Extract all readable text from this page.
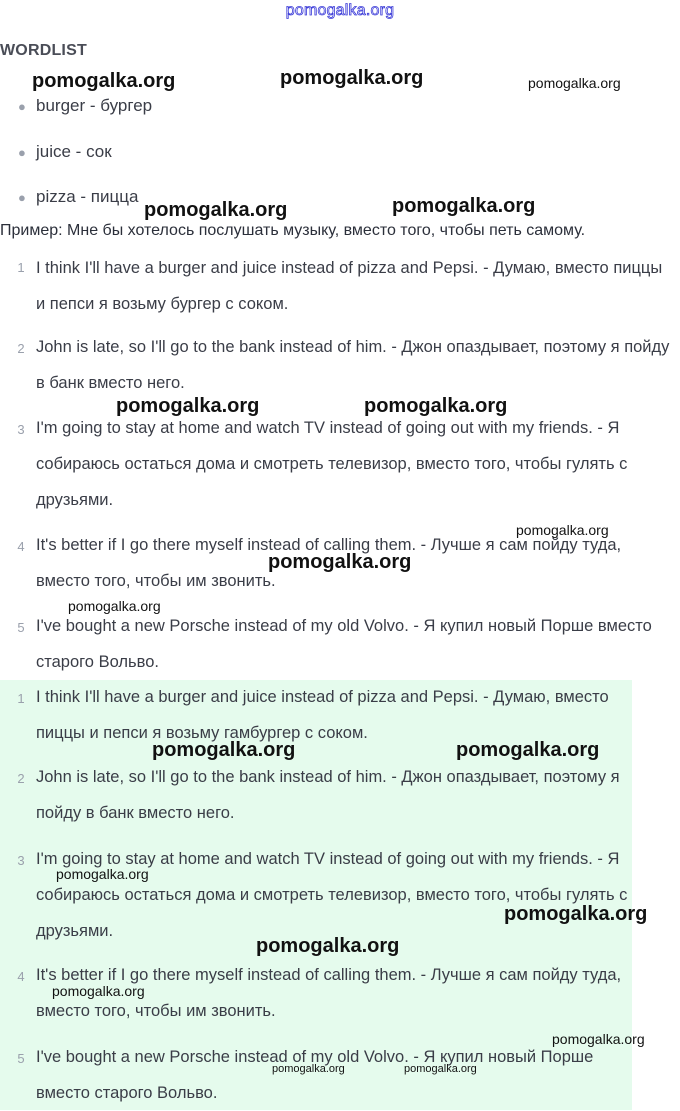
pomogalka.org
WORDLIST
● burger - бургер
● juice - сок
● pizza - пицца
Пример: Мне бы хотелось послушать музыку, вместо того, чтобы петь самому.
1 I think I'll have a burger and juice instead of pizza and Pepsi. - Думаю, вместо пиццы и пепси я возьму бургер с соком.
2 John is late, so I'll go to the bank instead of him. - Джон опаздывает, поэтому я пойду в банк вместо него.
3 I'm going to stay at home and watch TV instead of going out with my friends. - Я собираюсь остаться дома и смотреть телевизор, вместо того, чтобы гулять с друзьями.
4 It's better if I go there myself instead of calling them. - Лучше я сам пойду туда, вместо того, чтобы им звонить.
5 I've bought a new Porsche instead of my old Volvo. - Я купил новый Порше вместо старого Вольво.
1 I think I'll have a burger and juice instead of pizza and Pepsi. - Думаю, вместо пиццы и пепси я возьму гамбургер с соком.
2 John is late, so I'll go to the bank instead of him. - Джон опаздывает, поэтому я пойду в банк вместо него.
3 I'm going to stay at home and watch TV instead of going out with my friends. - Я собираюсь остаться дома и смотреть телевизор, вместо того, чтобы гулять с друзьями.
4 It's better if I go there myself instead of calling them. - Лучше я сам пойду туда, вместо того, чтобы им звонить.
5 I've bought a new Porsche instead of my old Volvo. - Я купил новый Порше вместо старого Вольво.
pomogalka.org	pomogalka.org	pomogalka.org
pomogalka.org	pomogalka.org
pomogalka.org	pomogalka.org
pomogalka.org
pomogalka.org
pomogalka.org
pomogalka.org	pomogalka.org
pomogalka.org
pomogalka.org
pomogalka.org
pomogalka.org
pomogalka.org
pomogalka.org	pomogalka.org
